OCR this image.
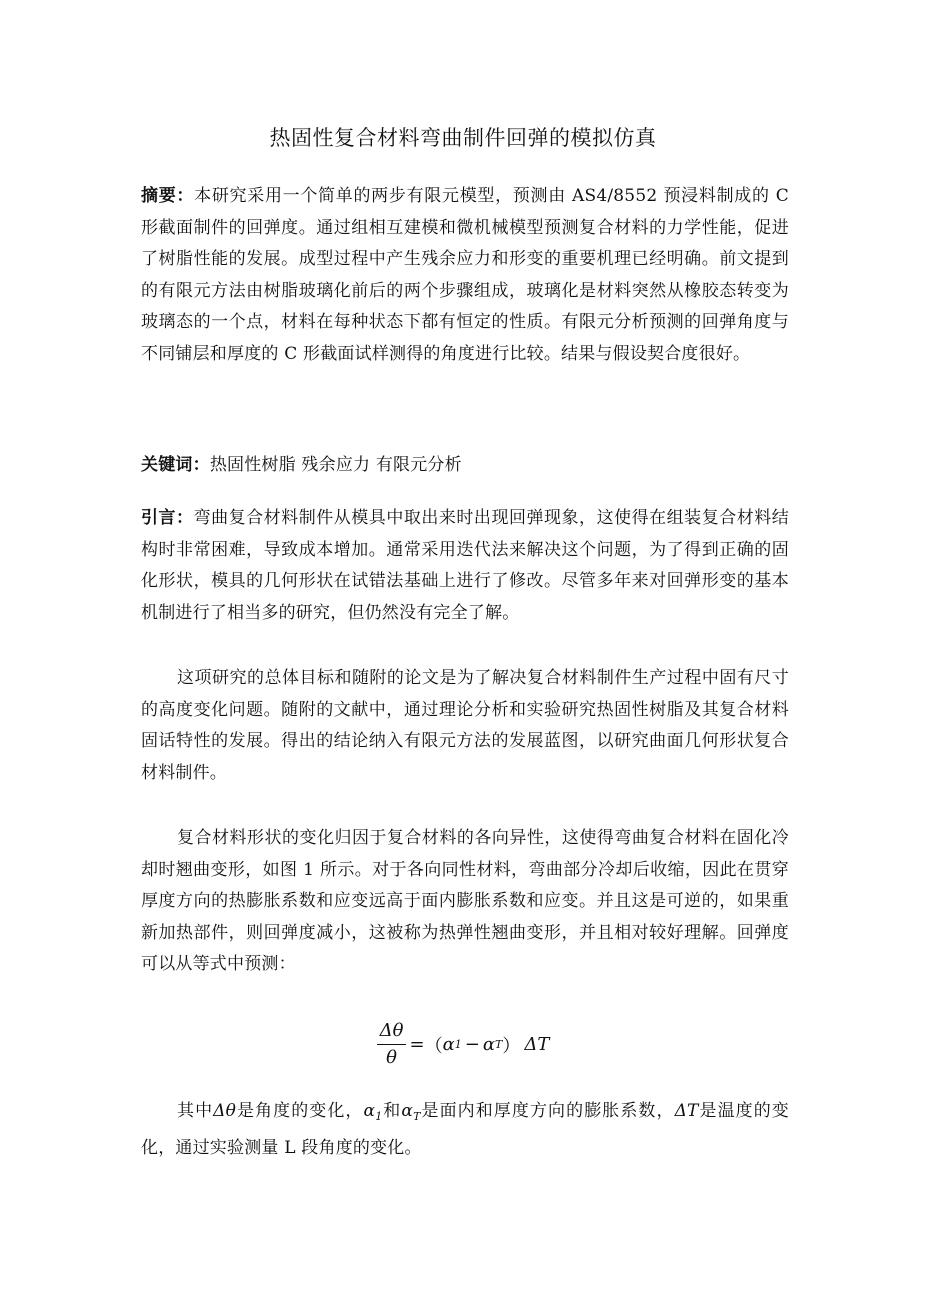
热固性复合材料弯曲制件回弹的模拟仿真
摘要：本研究采用一个简单的两步有限元模型，预测由 AS4/8552 预浸料制成的 C 形截面制件的回弹度。通过组相互建模和微机械模型预测复合材料的力学性能，促进了树脂性能的发展。成型过程中产生残余应力和形变的重要机理已经明确。前文提到的有限元方法由树脂玻璃化前后的两个步骤组成，玻璃化是材料突然从橡胶态转变为玻璃态的一个点，材料在每种状态下都有恒定的性质。有限元分析预测的回弹角度与不同铺层和厚度的 C 形截面试样测得的角度进行比较。结果与假设契合度很好。
关键词：热固性树脂 残余应力 有限元分析
引言：弯曲复合材料制件从模具中取出来时出现回弹现象，这使得在组装复合材料结构时非常困难，导致成本增加。通常采用迭代法来解决这个问题，为了得到正确的固化形状，模具的几何形状在试错法基础上进行了修改。尽管多年来对回弹形变的基本机制进行了相当多的研究，但仍然没有完全了解。
这项研究的总体目标和随附的论文是为了解决复合材料制件生产过程中固有尺寸的高度变化问题。随附的文献中，通过理论分析和实验研究热固性树脂及其复合材料固话特性的发展。得出的结论纳入有限元方法的发展蓝图，以研究曲面几何形状复合材料制件。
复合材料形状的变化归因于复合材料的各向异性，这使得弯曲复合材料在固化冷却时翘曲变形，如图 1 所示。对于各向同性材料，弯曲部分冷却后收缩，因此在贯穿厚度方向的热膨胀系数和应变远高于面内膨胀系数和应变。并且这是可逆的，如果重新加热部件，则回弹度减小，这被称为热弹性翘曲变形，并且相对较好理解。回弹度可以从等式中预测：
$\frac{\Delta\theta}{\theta}$ = （ α 1 − α T ） ΔT
其中Δθ是角度的变化，$\alpha_1$和$\alpha_T$是面内和厚度方向的膨胀系数，ΔT是温度的变化，通过实验测量 L 段角度的变化。
